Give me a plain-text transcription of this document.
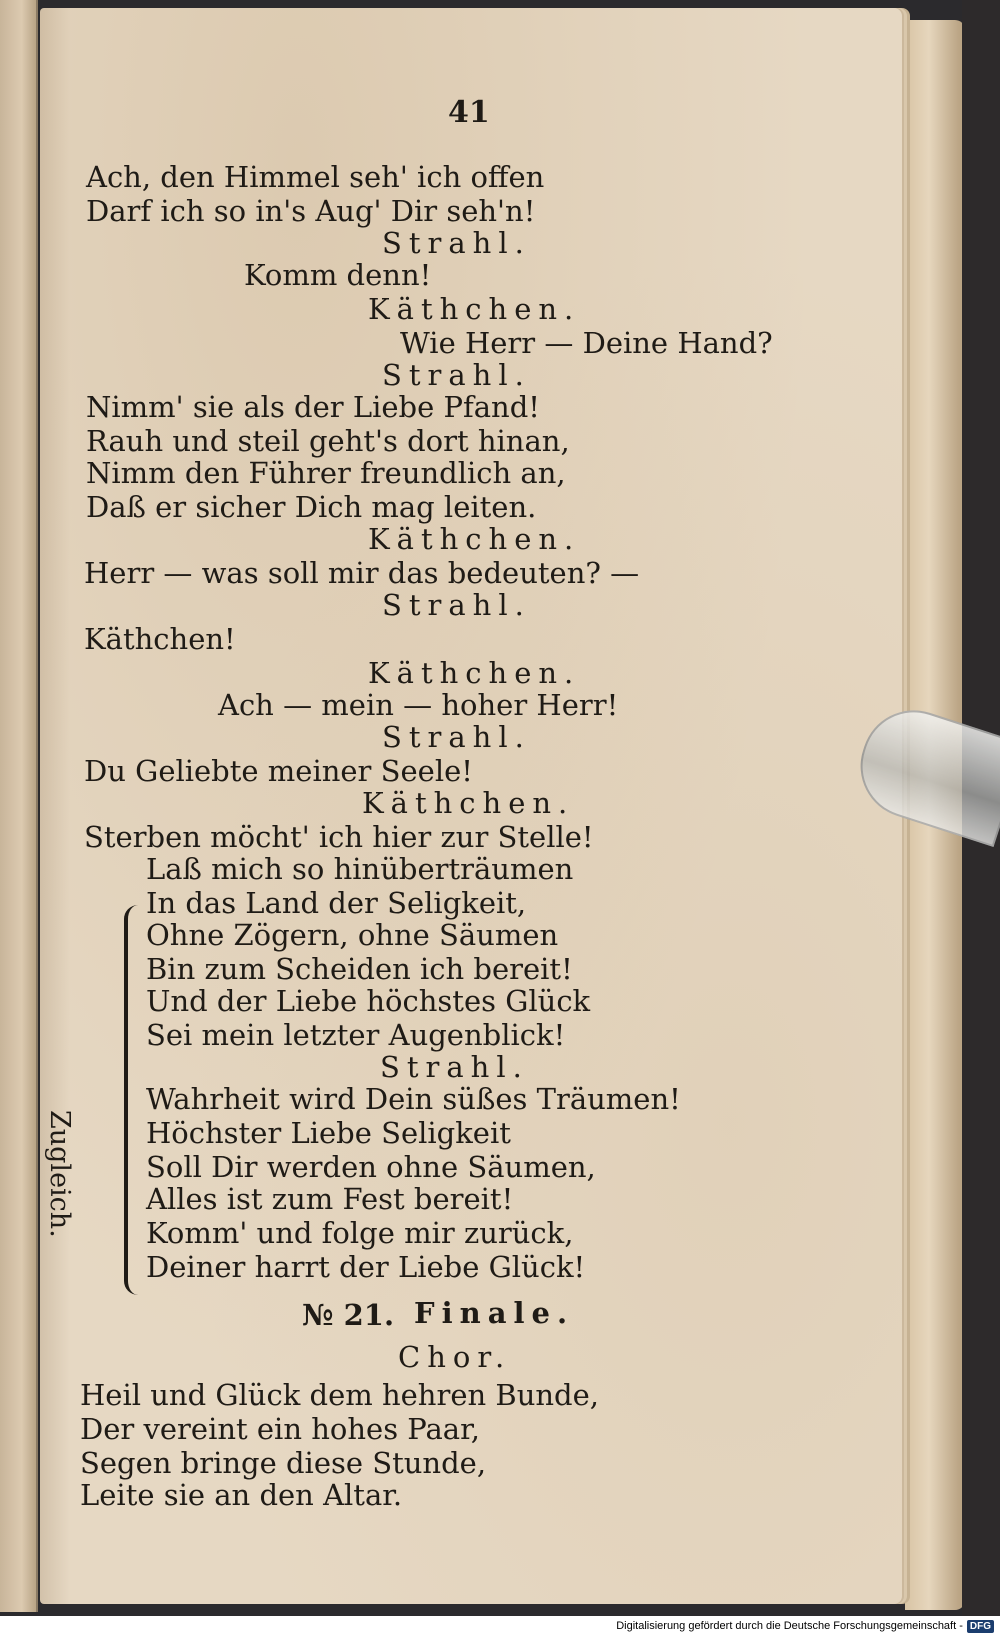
41
Ach, den Himmel seh' ich offen
Darf ich so in's Aug' Dir seh'n!
Strahl.
Komm denn!
Käthchen.
Wie Herr — Deine Hand?
Strahl.
Nimm' sie als der Liebe Pfand!
Rauh und steil geht's dort hinan,
Nimm den Führer freundlich an,
Daß er sicher Dich mag leiten.
Käthchen.
Herr — was soll mir das bedeuten? —
Strahl.
Käthchen!
Käthchen.
Ach — mein — hoher Herr!
Strahl.
Du Geliebte meiner Seele!
Käthchen.
Sterben möcht' ich hier zur Stelle!
Zugleich.
Laß mich so hinüberträumen
In das Land der Seligkeit,
Ohne Zögern, ohne Säumen
Bin zum Scheiden ich bereit!
Und der Liebe höchstes Glück
Sei mein letzter Augenblick!
Strahl.
Wahrheit wird Dein süßes Träumen!
Höchster Liebe Seligkeit
Soll Dir werden ohne Säumen,
Alles ist zum Fest bereit!
Komm' und folge mir zurück,
Deiner harrt der Liebe Glück!
№ 21. Finale.
Chor.
Heil und Glück dem hehren Bunde,
Der vereint ein hohes Paar,
Segen bringe diese Stunde,
Leite sie an den Altar.
Digitalisierung gefördert durch die Deutsche Forschungsgemeinschaft - DFG
